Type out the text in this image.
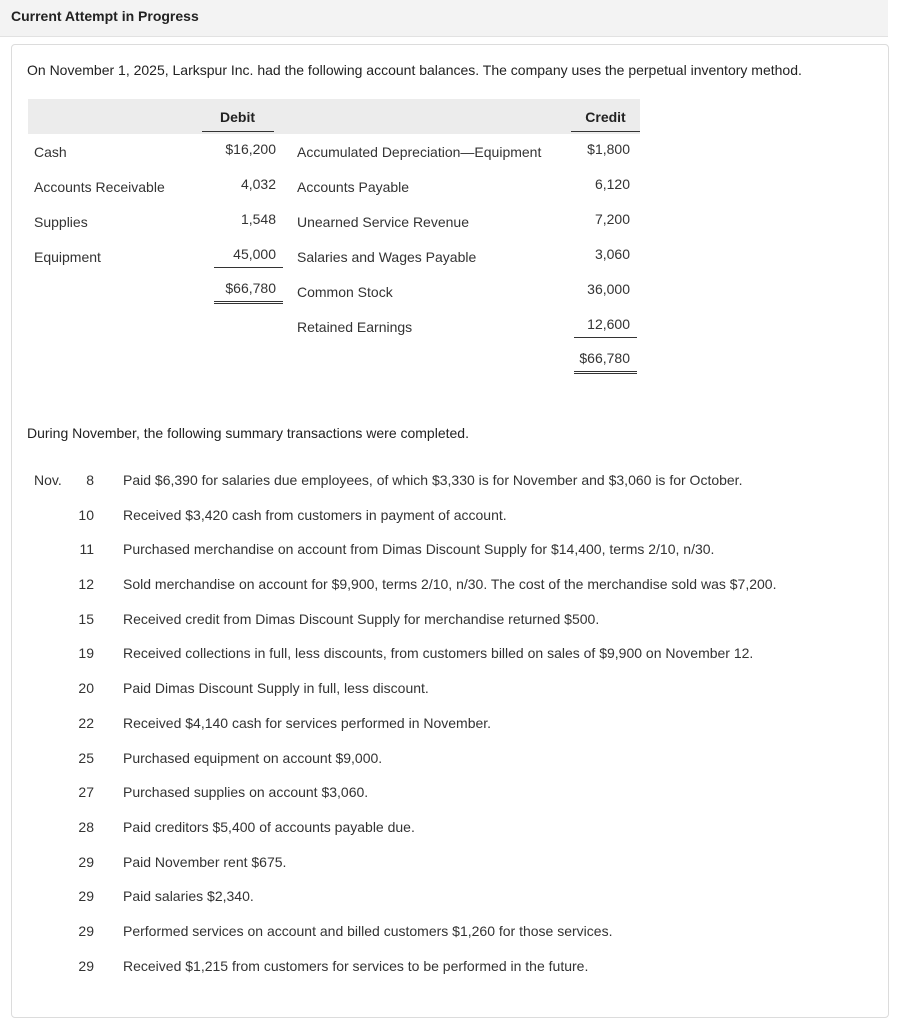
Current Attempt in Progress
On November 1, 2025, Larkspur Inc. had the following account balances. The company uses the perpetual inventory method.
	Debit			Credit
Cash	$16,200		Accumulated Depreciation—Equipment	$1,800
Accounts Receivable	4,032		Accounts Payable	6,120
Supplies	1,548		Unearned Service Revenue	7,200
Equipment	45,000		Salaries and Wages Payable	3,060
	$66,780		Common Stock	36,000
			Retained Earnings	12,600
				$66,780
During November, the following summary transactions were completed.
Nov.	8 Paid $6,390 for salaries due employees, of which $3,330 is for November and $3,060 is for October.
10 Received $3,420 cash from customers in payment of account.
11 Purchased merchandise on account from Dimas Discount Supply for $14,400, terms 2/10, n/30.
12 Sold merchandise on account for $9,900, terms 2/10, n/30. The cost of the merchandise sold was $7,200.
15 Received credit from Dimas Discount Supply for merchandise returned $500.
19 Received collections in full, less discounts, from customers billed on sales of $9,900 on November 12.
20 Paid Dimas Discount Supply in full, less discount.
22 Received $4,140 cash for services performed in November.
25 Purchased equipment on account $9,000.
27 Purchased supplies on account $3,060.
28 Paid creditors $5,400 of accounts payable due.
29 Paid November rent $675.
29 Paid salaries $2,340.
29 Performed services on account and billed customers $1,260 for those services.
29 Received $1,215 from customers for services to be performed in the future.
